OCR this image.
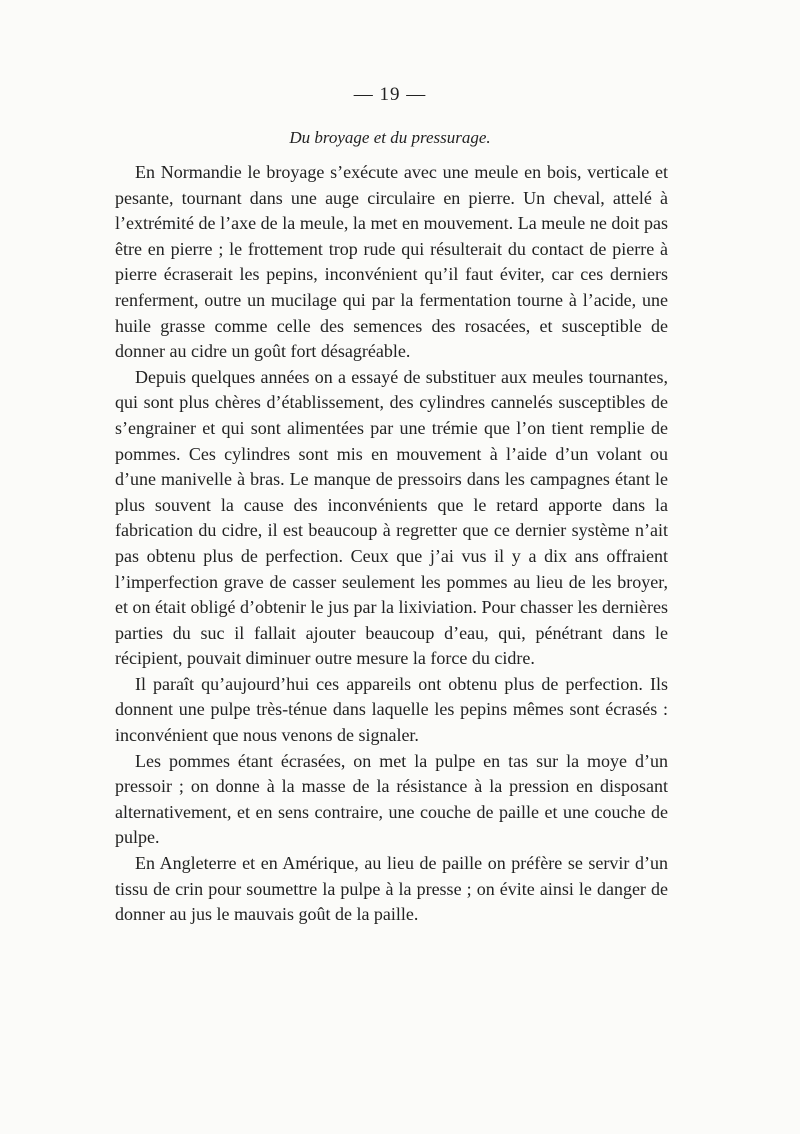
— 19 —
Du broyage et du pressurage.

En Normandie le broyage s’exécute avec une meule en bois, verticale et pesante, tournant dans une auge circulaire en pierre. Un cheval, attelé à l’extrémité de l’axe de la meule, la met en mouvement. La meule ne doit pas être en pierre ; le frottement trop rude qui résulterait du contact de pierre à pierre écraserait les pepins, inconvénient qu’il faut éviter, car ces derniers renferment, outre un mucilage qui par la fermentation tourne à l’acide, une huile grasse comme celle des semences des rosacées, et susceptible de donner au cidre un goût fort désagréable.

Depuis quelques années on a essayé de substituer aux meules tournantes, qui sont plus chères d’établissement, des cylindres cannelés susceptibles de s’engrainer et qui sont alimentées par une trémie que l’on tient remplie de pommes. Ces cylindres sont mis en mouvement à l’aide d’un volant ou d’une manivelle à bras. Le manque de pressoirs dans les campagnes étant le plus souvent la cause des inconvénients que le retard apporte dans la fabrication du cidre, il est beaucoup à regretter que ce dernier système n’ait pas obtenu plus de perfection. Ceux que j’ai vus il y a dix ans offraient l’imperfection grave de casser seulement les pommes au lieu de les broyer, et on était obligé d’obtenir le jus par la lixiviation. Pour chasser les dernières parties du suc il fallait ajouter beaucoup d’eau, qui, pénétrant dans le récipient, pouvait diminuer outre mesure la force du cidre.

Il paraît qu’aujourd’hui ces appareils ont obtenu plus de perfection. Ils donnent une pulpe très-ténue dans laquelle les pepins mêmes sont écrasés : inconvénient que nous venons de signaler.

Les pommes étant écrasées, on met la pulpe en tas sur la moye d’un pressoir ; on donne à la masse de la résistance à la pression en disposant alternativement, et en sens contraire, une couche de paille et une couche de pulpe.

En Angleterre et en Amérique, au lieu de paille on préfère se servir d’un tissu de crin pour soumettre la pulpe à la presse ; on évite ainsi le danger de donner au jus le mauvais goût de la paille.
